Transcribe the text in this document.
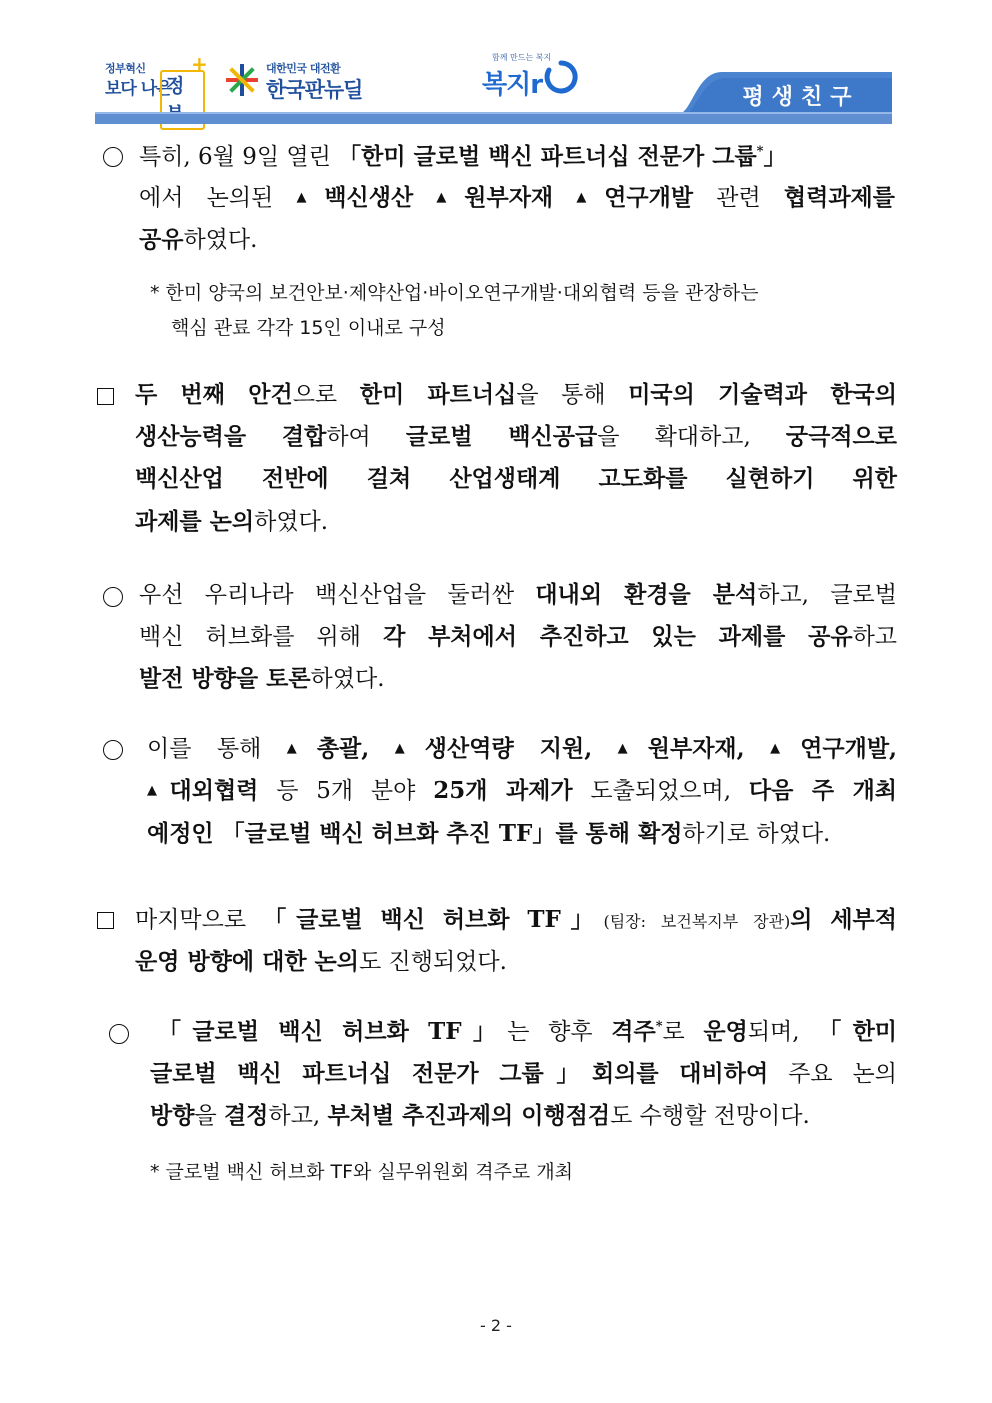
정부혁신
보다 나은
정
+	대한민국 대전환
한국판뉴딜
함께 만드는 복지
복지r	평생친구
특히, 6월 9일 열린 「한미 글로벌 백신 파트너십 전문가 그룹*」
에서 논의된 ▲백신생산 ▲원부자재 ▲연구개발 관련 협력과제를
공유하였다.
* 한미 양국의 보건안보·제약산업·바이오연구개발·대외협력 등을 관장하는
핵심 관료 각각 15인 이내로 구성
두 번째 안건으로 한미 파트너십을 통해 미국의 기술력과 한국의
생산능력을 결합하여 글로벌 백신공급을 확대하고, 궁극적으로
백신산업 전반에 걸쳐 산업생태계 고도화를 실현하기 위한
과제를 논의하였다.
우선 우리나라 백신산업을 둘러싼 대내외 환경을 분석하고, 글로벌
백신 허브화를 위해 각 부처에서 추진하고 있는 과제를 공유하고
발전 방향을 토론하였다.
이를 통해 ▲총괄, ▲생산역량 지원, ▲원부자재, ▲연구개발,
▲대외협력 등 5개 분야 25개 과제가 도출되었으며, 다음 주 개최
예정인 「글로벌 백신 허브화 추진 TF」를 통해 확정하기로 하였다.
마지막으로 「글로벌 백신 허브화 TF」(팀장: 보건복지부 장관)의 세부적
운영 방향에 대한 논의도 진행되었다.
「글로벌 백신 허브화 TF」는 향후 격주*로 운영되며, 「한미
글로벌 백신 파트너십 전문가 그룹」회의를 대비하여 주요 논의
방향을 결정하고, 부처별 추진과제의 이행점검도 수행할 전망이다.
* 글로벌 백신 허브화 TF와 실무위원회 격주로 개최
- 2 -
